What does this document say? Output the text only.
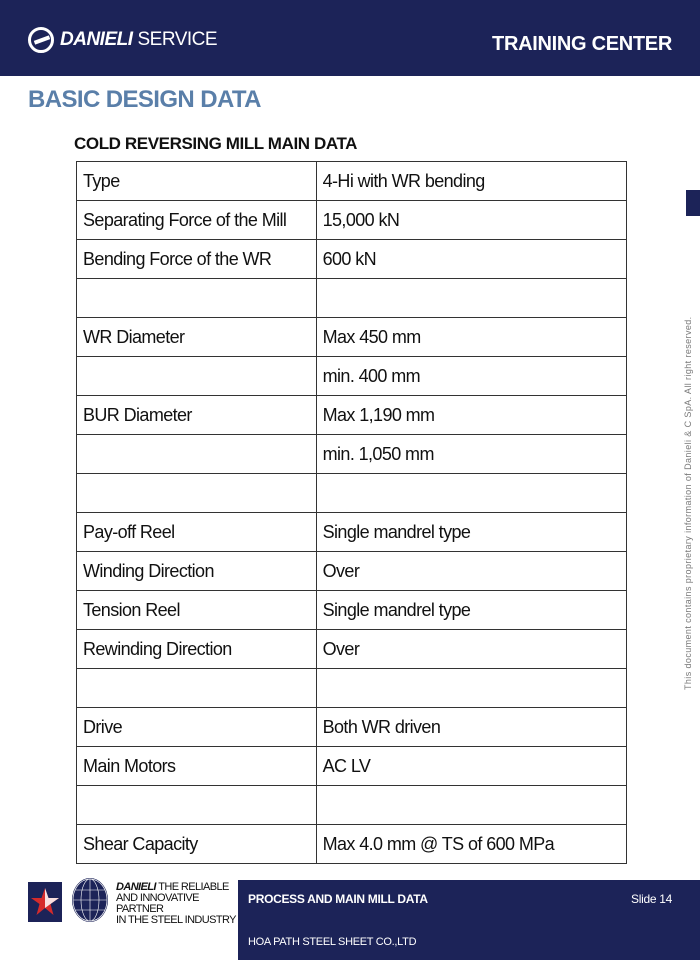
DANIELI SERVICE	TRAINING CENTER
BASIC DESIGN DATA
COLD REVERSING MILL MAIN DATA
Type	4-Hi with WR bending
Separating Force of the Mill	15,000 kN
Bending Force of the WR	600 kN

WR Diameter	Max 450 mm
	min. 400 mm
BUR Diameter	Max 1,190 mm
	min. 1,050 mm

Pay-off Reel	Single mandrel type
Winding Direction	Over
Tension Reel	Single mandrel type
Rewinding Direction	Over

Drive	Both WR driven
Main Motors	AC LV

Shear Capacity	Max 4.0 mm @ TS of 600 MPa
This document contains proprietary information of Danieli & C SpA. All right reserved.
DANIELI THE RELIABLE
AND INNOVATIVE PARTNER
IN THE STEEL INDUSTRY
PROCESS AND MAIN MILL DATA	Slide 14
HOA PATH STEEL SHEET CO.,LTD
